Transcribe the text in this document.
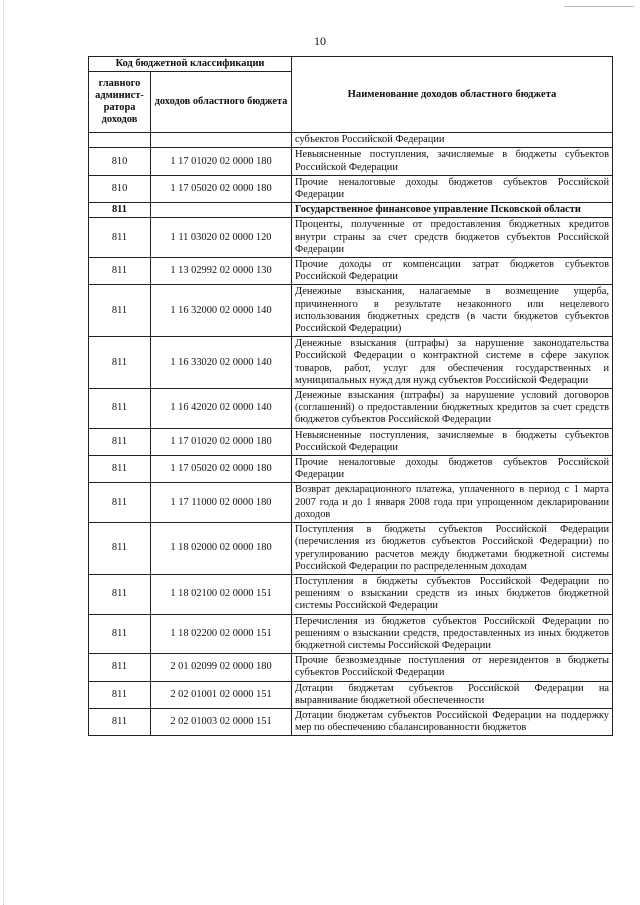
10
Код бюджетной классификации		Наименование доходов областного бюджета
главного админист-ратора доходов	доходов областного бюджета	
		субъектов Российской Федерации
810	1 17 01020 02 0000 180	Невыясненные поступления, зачисляемые в бюджеты субъектов Российской Федерации
810	1 17 05020 02 0000 180	Прочие неналоговые доходы бюджетов субъектов Российской Федерации
811		Государственное финансовое управление Псковской области
811	1 11 03020 02 0000 120	Проценты, полученные от предоставления бюджетных кредитов внутри страны за счет средств бюджетов субъектов Российской Федерации
811	1 13 02992 02 0000 130	Прочие доходы от компенсации затрат бюджетов субъектов Российской Федерации
811	1 16 32000 02 0000 140	Денежные взыскания, налагаемые в возмещение ущерба, причиненного в результате незаконного или нецелевого использования бюджетных средств (в части бюджетов субъектов Российской Федерации)
811	1 16 33020 02 0000 140	Денежные взыскания (штрафы) за нарушение законодательства Российской Федерации о контрактной системе в сфере закупок товаров, работ, услуг для обеспечения государственных и муниципальных нужд для нужд субъектов Российской Федерации
811	1 16 42020 02 0000 140	Денежные взыскания (штрафы) за нарушение условий договоров (соглашений) о предоставлении бюджетных кредитов за счет средств бюджетов субъектов Российской Федерации
811	1 17 01020 02 0000 180	Невыясненные поступления, зачисляемые в бюджеты субъектов Российской Федерации
811	1 17 05020 02 0000 180	Прочие неналоговые доходы бюджетов субъектов Российской Федерации
811	1 17 11000 02 0000 180	Возврат декларационного платежа, уплаченного в период с 1 марта 2007 года и до 1 января 2008 года при упрощенном декларировании доходов
811	1 18 02000 02 0000 180	Поступления в бюджеты субъектов Российской Федерации (перечисления из бюджетов субъектов Российской Федерации) по урегулированию расчетов между бюджетами бюджетной системы Российской Федерации по распределенным доходам
811	1 18 02100 02 0000 151	Поступления в бюджеты субъектов Российской Федерации по решениям о взыскании средств из иных бюджетов бюджетной системы Российской Федерации
811	1 18 02200 02 0000 151	Перечисления из бюджетов субъектов Российской Федерации по решениям о взыскании средств, предоставленных из иных бюджетов бюджетной системы Российской Федерации
811	2 01 02099 02 0000 180	Прочие безвозмездные поступления от нерезидентов в бюджеты субъектов Российской Федерации
811	2 02 01001 02 0000 151	Дотации бюджетам субъектов Российской Федерации на выравнивание бюджетной обеспеченности
811	2 02 01003 02 0000 151	Дотации бюджетам субъектов Российской Федерации на поддержку мер по обеспечению сбалансированности бюджетов
